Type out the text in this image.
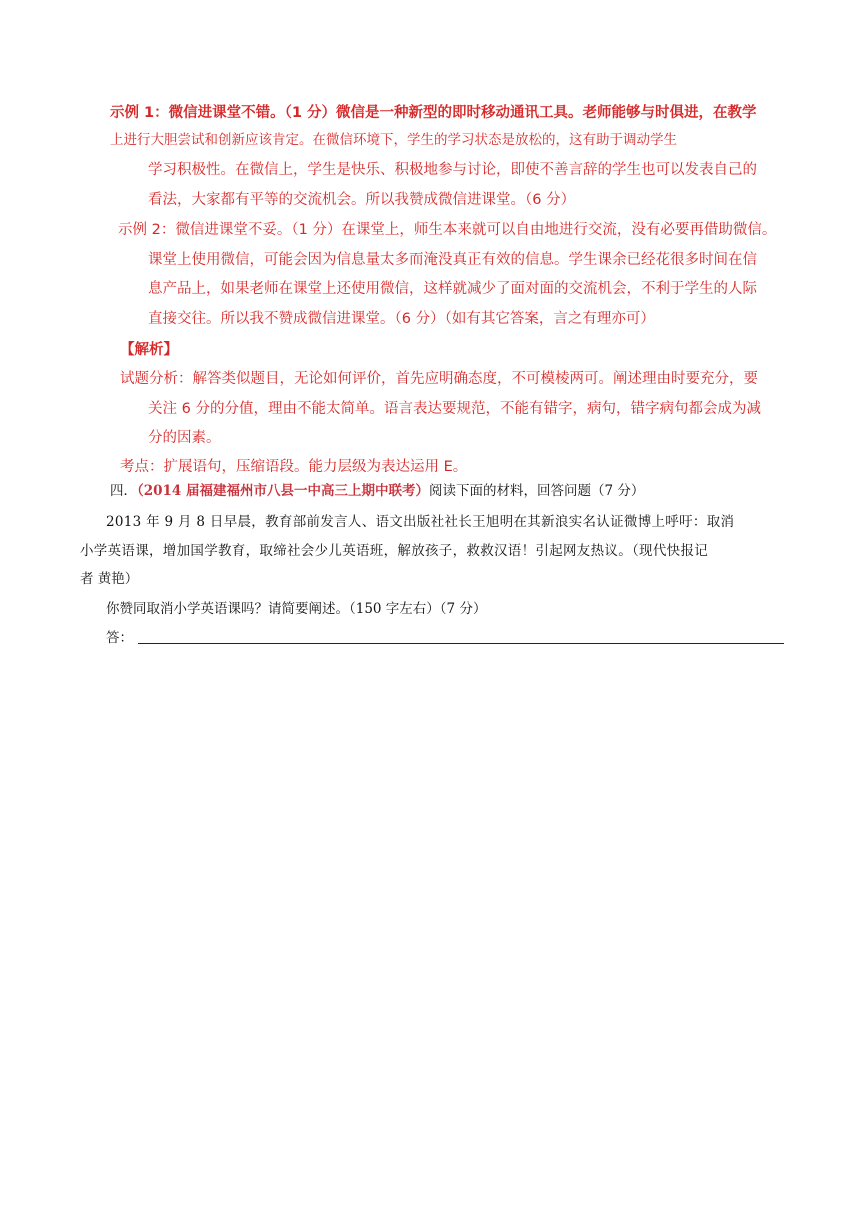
示例 1：微信进课堂不错。（1 分）微信是一种新型的即时移动通讯工具。老师能够与时俱进，在教学
上进行大胆尝试和创新应该肯定。在微信环境下，学生的学习状态是放松的，这有助于调动学生
学习积极性。在微信上，学生是快乐、积极地参与讨论，即使不善言辞的学生也可以发表自己的
看法，大家都有平等的交流机会。所以我赞成微信进课堂。（6 分）
示例 2：微信进课堂不妥。（1 分）在课堂上，师生本来就可以自由地进行交流，没有必要再借助微信。
课堂上使用微信，可能会因为信息量太多而淹没真正有效的信息。学生课余已经花很多时间在信
息产品上，如果老师在课堂上还使用微信，这样就减少了面对面的交流机会，不利于学生的人际
直接交往。所以我不赞成微信进课堂。（6 分）（如有其它答案，言之有理亦可）
【解析】
试题分析：解答类似题目，无论如何评价，首先应明确态度，不可模棱两可。阐述理由时要充分，要
关注 6 分的分值，理由不能太简单。语言表达要规范，不能有错字，病句，错字病句都会成为减
分的因素。
考点：扩展语句，压缩语段。能力层级为表达运用 E。
四．（2014 届福建福州市八县一中高三上期中联考）阅读下面的材料，回答问题（7 分）
2013 年 9 月 8 日早晨，教育部前发言人、语文出版社社长王旭明在其新浪实名认证微博上呼吁：取消
小学英语课，增加国学教育，取缔社会少儿英语班，解放孩子，救救汉语！引起网友热议。（现代快报记
者 黄艳）
你赞同取消小学英语课吗？请简要阐述。（150 字左右）（7 分）
答：
